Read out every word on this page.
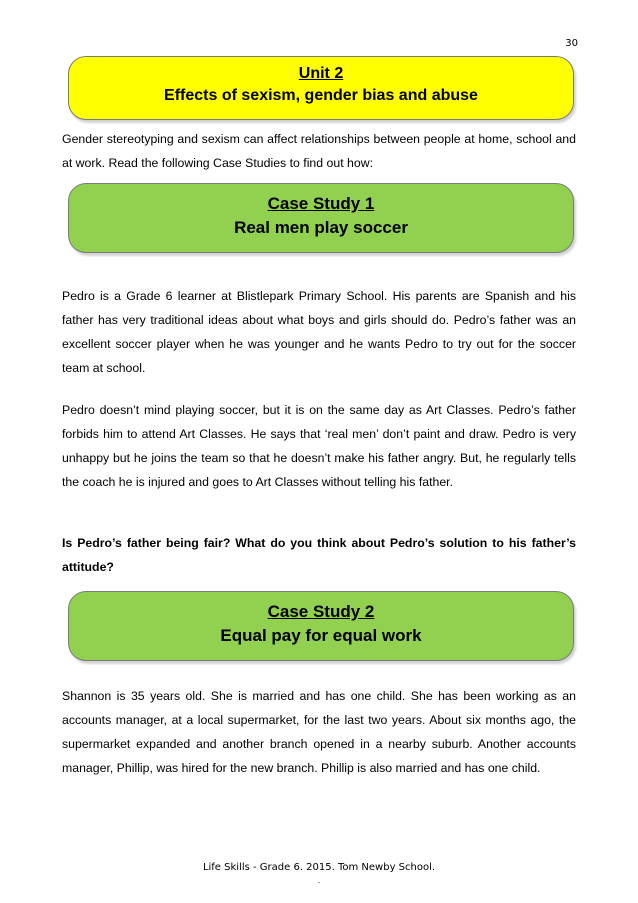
30
Unit 2
Effects of sexism, gender bias and abuse

Gender stereotyping and sexism can affect relationships between people at home, school and at work. Read the following Case Studies to find out how:

Case Study 1
Real men play soccer

Pedro is a Grade 6 learner at Blistlepark Primary School. His parents are Spanish and his father has very traditional ideas about what boys and girls should do. Pedro’s father was an excellent soccer player when he was younger and he wants Pedro to try out for the soccer team at school.

Pedro doesn’t mind playing soccer, but it is on the same day as Art Classes. Pedro’s father forbids him to attend Art Classes. He says that ‘real men’ don’t paint and draw. Pedro is very unhappy but he joins the team so that he doesn’t make his father angry. But, he regularly tells the coach he is injured and goes to Art Classes without telling his father.

Is Pedro’s father being fair? What do you think about Pedro’s solution to his father’s attitude?

Case Study 2
Equal pay for equal work

Shannon is 35 years old. She is married and has one child. She has been working as an accounts manager, at a local supermarket, for the last two years. About six months ago, the supermarket expanded and another branch opened in a nearby suburb. Another accounts manager, Phillip, was hired for the new branch. Phillip is also married and has one child.

Life Skills - Grade 6. 2015. Tom Newby School.
.
